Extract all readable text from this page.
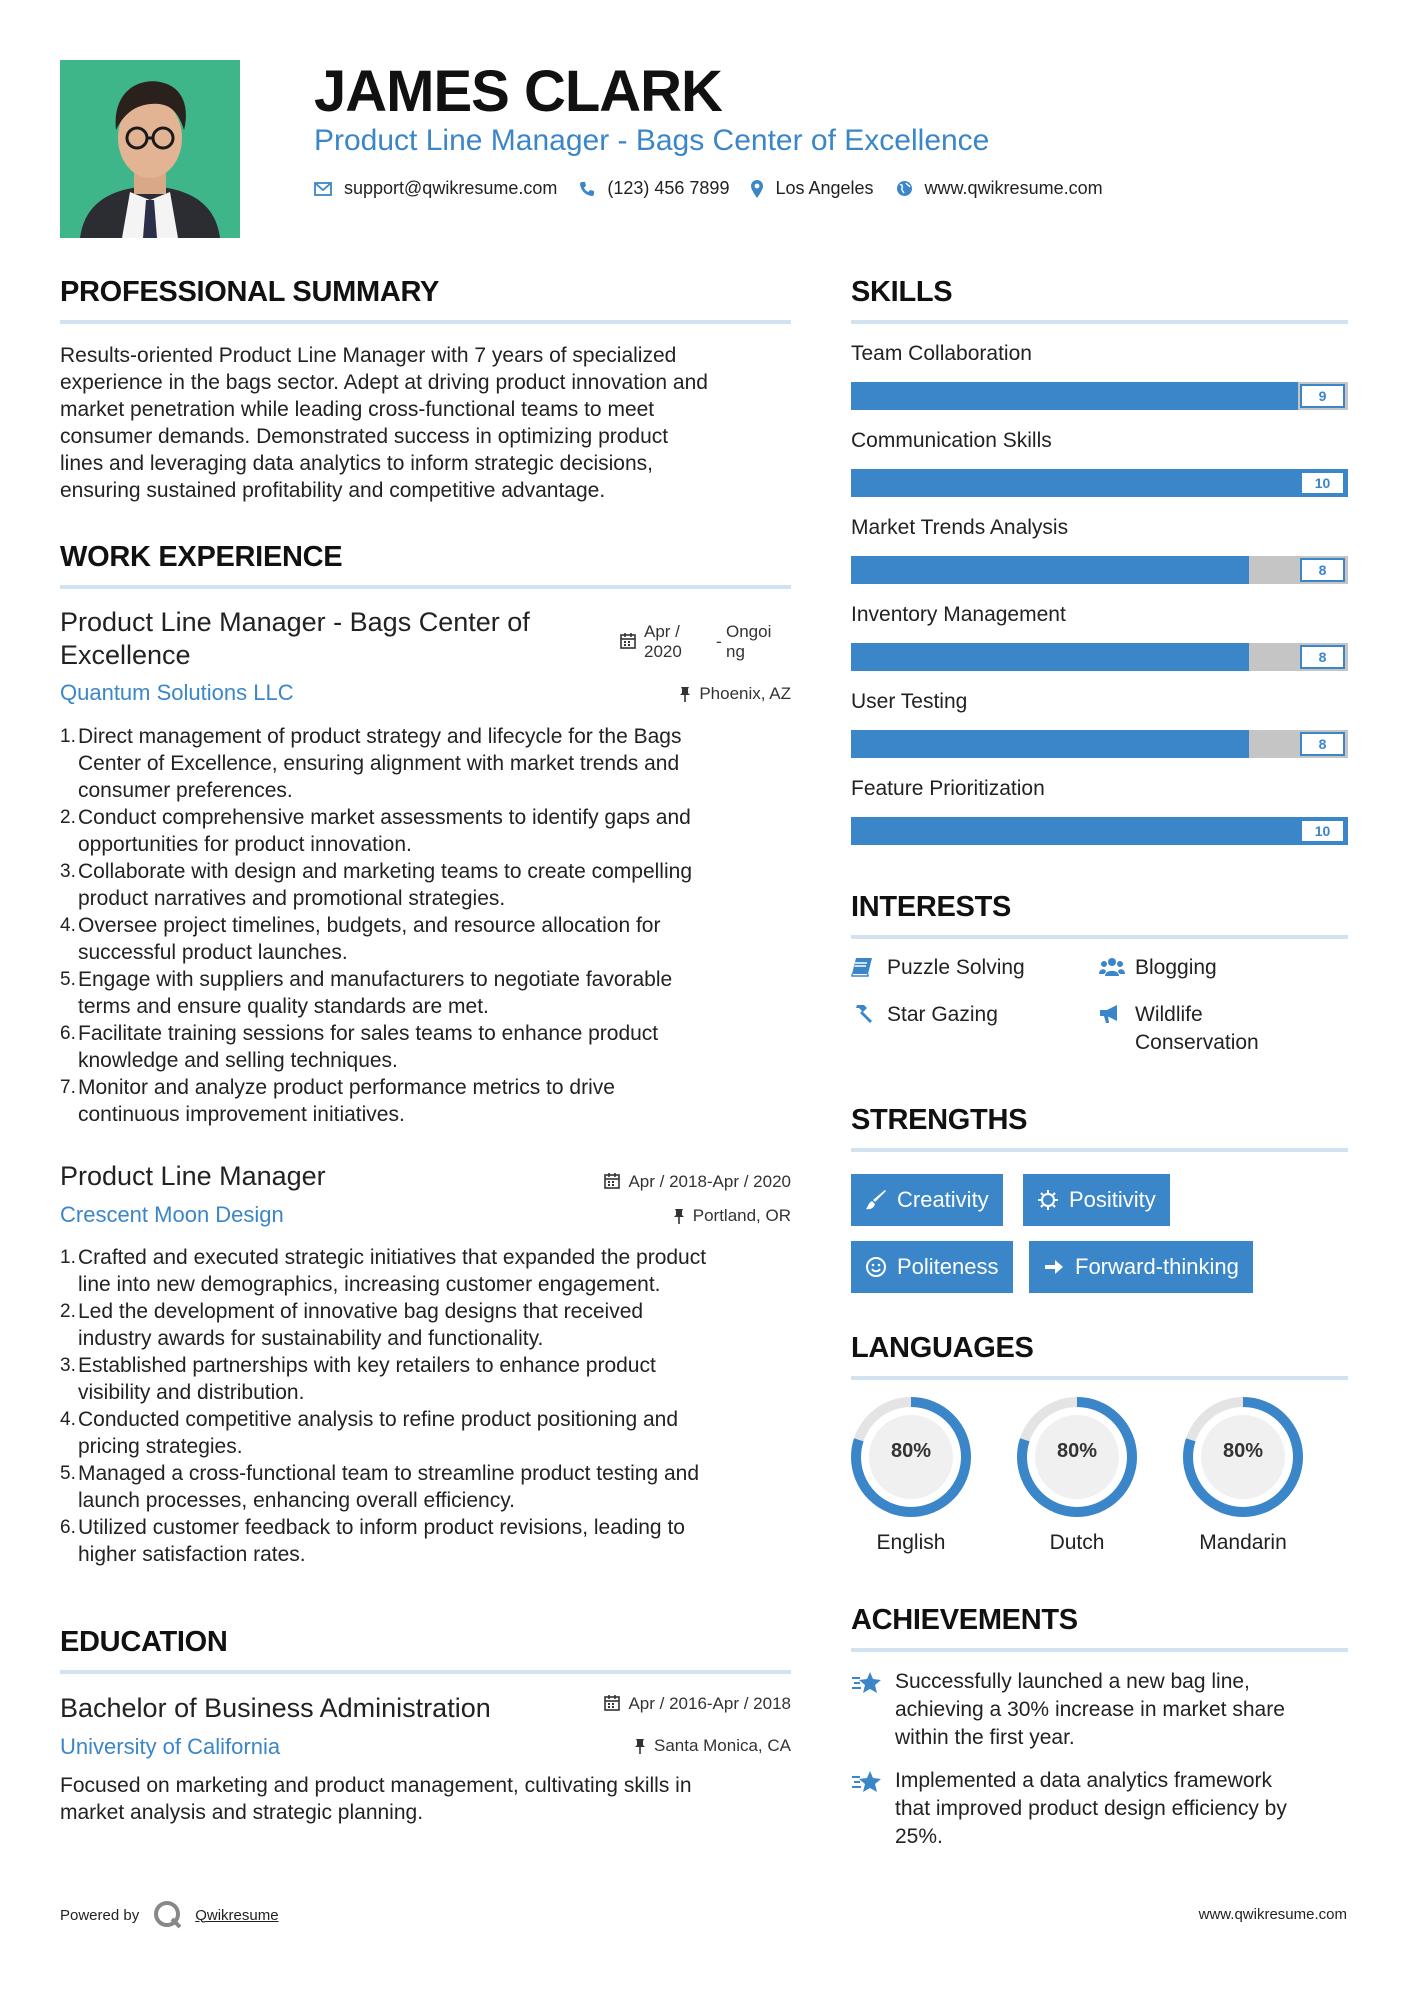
JAMES CLARK
Product Line Manager - Bags Center of Excellence
support@qwikresume.com	(123) 456 7899	Los Angeles	www.qwikresume.com
PROFESSIONAL SUMMARY
Results-oriented Product Line Manager with 7 years of specialized
experience in the bags sector. Adept at driving product innovation and
market penetration while leading cross-functional teams to meet
consumer demands. Demonstrated success in optimizing product
lines and leveraging data analytics to inform strategic decisions,
ensuring sustained profitability and competitive advantage.
WORK EXPERIENCE
Product Line Manager - Bags Center of
Excellence
Apr /
2020
-
Ongoi
ng
Quantum Solutions LLC	Phoenix, AZ
Direct management of product strategy and lifecycle for the Bags
Center of Excellence, ensuring alignment with market trends and
consumer preferences.
Conduct comprehensive market assessments to identify gaps and
opportunities for product innovation.
Collaborate with design and marketing teams to create compelling
product narratives and promotional strategies.
Oversee project timelines, budgets, and resource allocation for
successful product launches.
Engage with suppliers and manufacturers to negotiate favorable
terms and ensure quality standards are met.
Facilitate training sessions for sales teams to enhance product
knowledge and selling techniques.
Monitor and analyze product performance metrics to drive
continuous improvement initiatives.
Product Line Manager	Apr / 2018-Apr / 2020
Crescent Moon Design	Portland, OR
Crafted and executed strategic initiatives that expanded the product
line into new demographics, increasing customer engagement.
Led the development of innovative bag designs that received
industry awards for sustainability and functionality.
Established partnerships with key retailers to enhance product
visibility and distribution.
Conducted competitive analysis to refine product positioning and
pricing strategies.
Managed a cross-functional team to streamline product testing and
launch processes, enhancing overall efficiency.
Utilized customer feedback to inform product revisions, leading to
higher satisfaction rates.
EDUCATION
Bachelor of Business Administration	Apr / 2016-Apr / 2018
University of California	Santa Monica, CA
Focused on marketing and product management, cultivating skills in
market analysis and strategic planning.
SKILLS
Team Collaboration
9
Communication Skills
10
Market Trends Analysis
8
Inventory Management
8
User Testing
8
Feature Prioritization
10
INTERESTS
Puzzle Solving	Blogging
Star Gazing	Wildlife
Conservation
STRENGTHS
Creativity	Positivity
Politeness	Forward-thinking
LANGUAGES
80%
English
80%
Dutch
80%
Mandarin
ACHIEVEMENTS
Successfully launched a new bag line,
achieving a 30% increase in market share
within the first year.
Implemented a data analytics framework
that improved product design efficiency by
25%.
Powered by	Qwikresume	www.qwikresume.com
